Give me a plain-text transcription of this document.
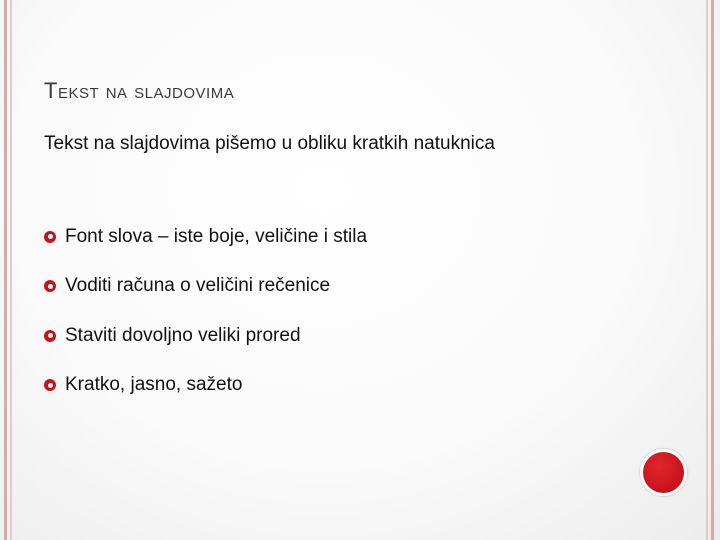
Tekst na slajdovima

Tekst na slajdovima pišemo u obliku kratkih natuknica

Font slova – iste boje, veličine i stila
Voditi računa o veličini rečenice
Staviti dovoljno veliki prored
Kratko, jasno, sažeto
